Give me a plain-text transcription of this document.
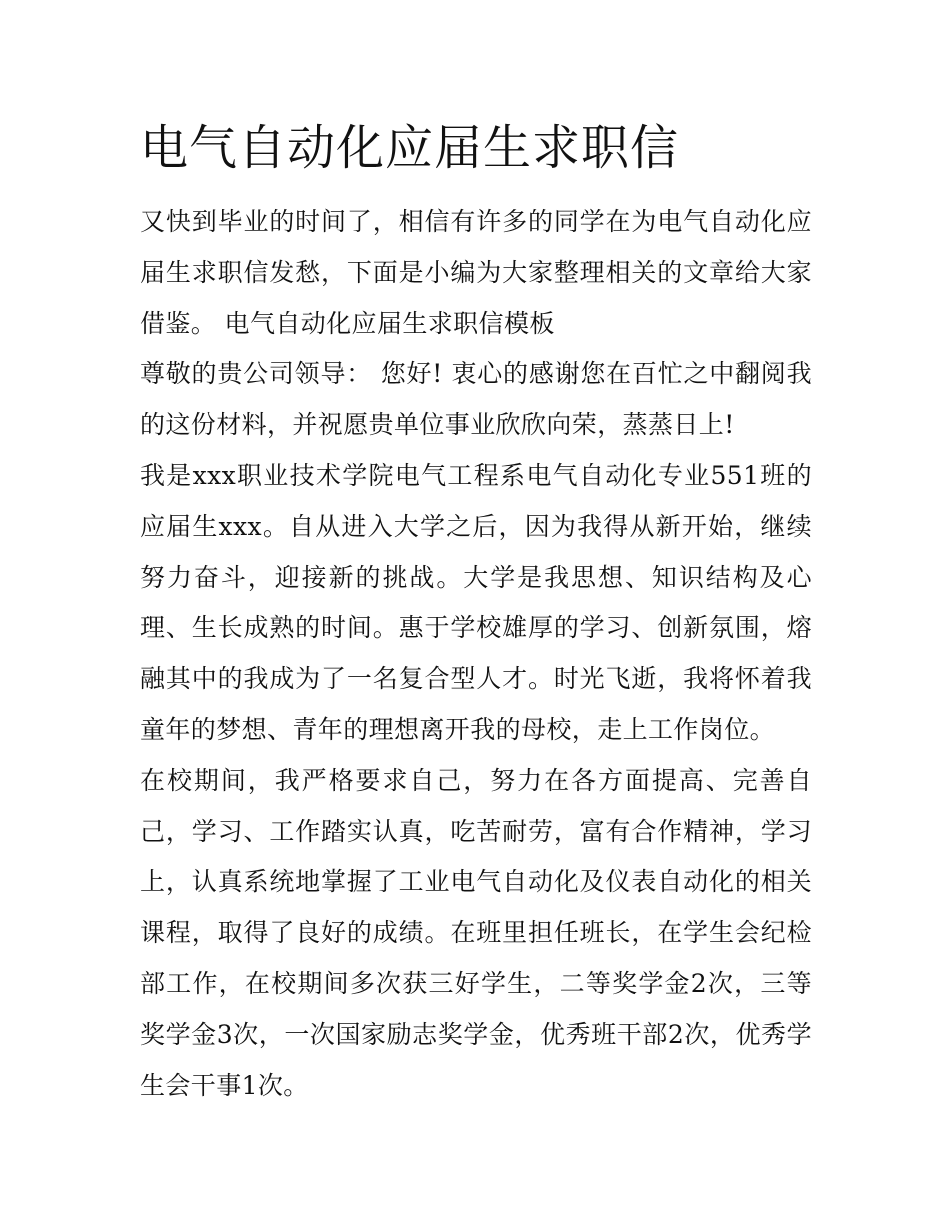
电气自动化应届生求职信

又快到毕业的时间了，相信有许多的同学在为电气自动化应届生求职信发愁，下面是小编为大家整理相关的文章给大家借鉴。 电气自动化应届生求职信模板

尊敬的贵公司领导： 您好! 衷心的感谢您在百忙之中翻阅我的这份材料，并祝愿贵单位事业欣欣向荣，蒸蒸日上!

我是xxx职业技术学院电气工程系电气自动化专业551班的应届生xxx。自从进入大学之后，因为我得从新开始，继续努力奋斗，迎接新的挑战。大学是我思想、知识结构及心理、生长成熟的时间。惠于学校雄厚的学习、创新氛围，熔融其中的我成为了一名复合型人才。时光飞逝，我将怀着我童年的梦想、青年的理想离开我的母校，走上工作岗位。

在校期间，我严格要求自己，努力在各方面提高、完善自己，学习、工作踏实认真，吃苦耐劳，富有合作精神，学习上，认真系统地掌握了工业电气自动化及仪表自动化的相关课程，取得了良好的成绩。在班里担任班长，在学生会纪检部工作，在校期间多次获三好学生，二等奖学金2次，三等奖学金3次，一次国家励志奖学金，优秀班干部2次，优秀学生会干事1次。
